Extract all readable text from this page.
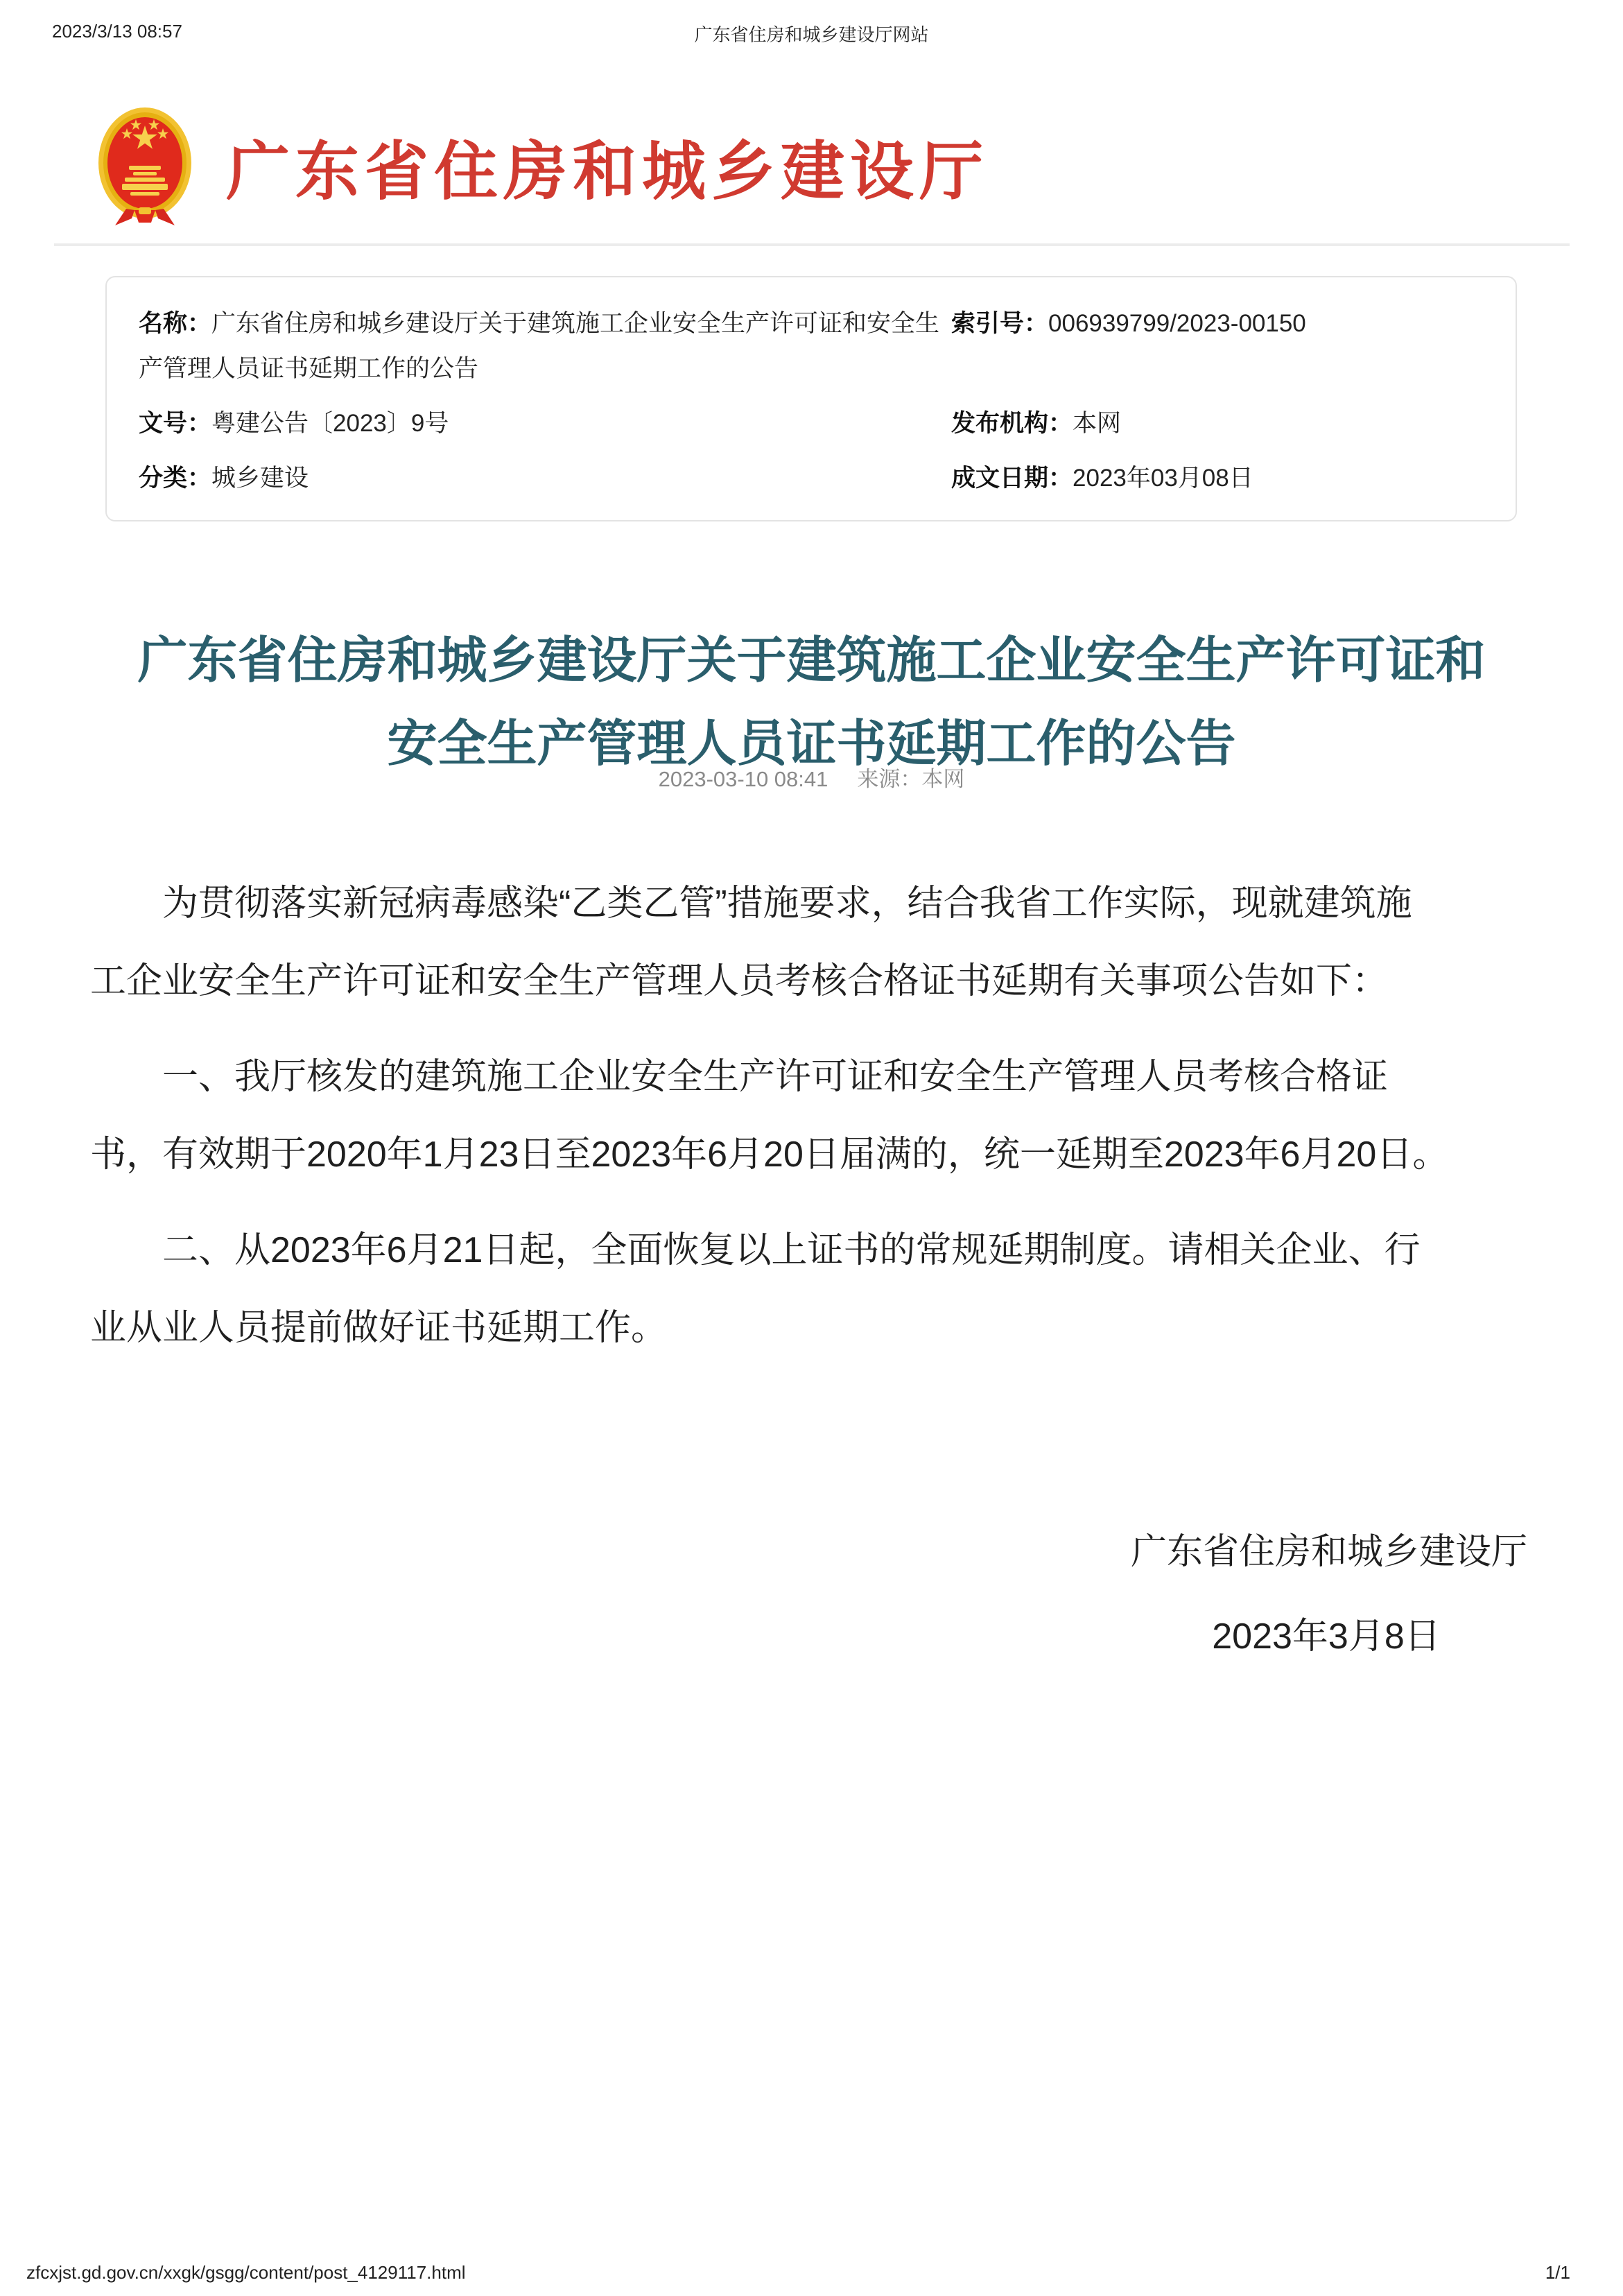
2023/3/13 08:57	广东省住房和城乡建设厅网站
广东省住房和城乡建设厅
名称：广东省住房和城乡建设厅关于建筑施工企业安全生产许可证和安全生产管理人员证书延期工作的公告
索引号：006939799/2023-00150
文号：粤建公告〔2023〕9号	发布机构：本网
分类：城乡建设	成文日期：2023年03月08日
广东省住房和城乡建设厅关于建筑施工企业安全生产许可证和
安全生产管理人员证书延期工作的公告
2023-03-10 08:41 来源：本网

为贯彻落实新冠病毒感染“乙类乙管”措施要求，结合我省工作实际，现就建筑施
工企业安全生产许可证和安全生产管理人员考核合格证书延期有关事项公告如下：

一、我厅核发的建筑施工企业安全生产许可证和安全生产管理人员考核合格证
书，有效期于2020年1月23日至2023年6月20日届满的，统一延期至2023年6月20日。

二、从2023年6月21日起，全面恢复以上证书的常规延期制度。请相关企业、行
业从业人员提前做好证书延期工作。

广东省住房和城乡建设厅
2023年3月8日
zfcxjst.gd.gov.cn/xxgk/gsgg/content/post_4129117.html	1/1
